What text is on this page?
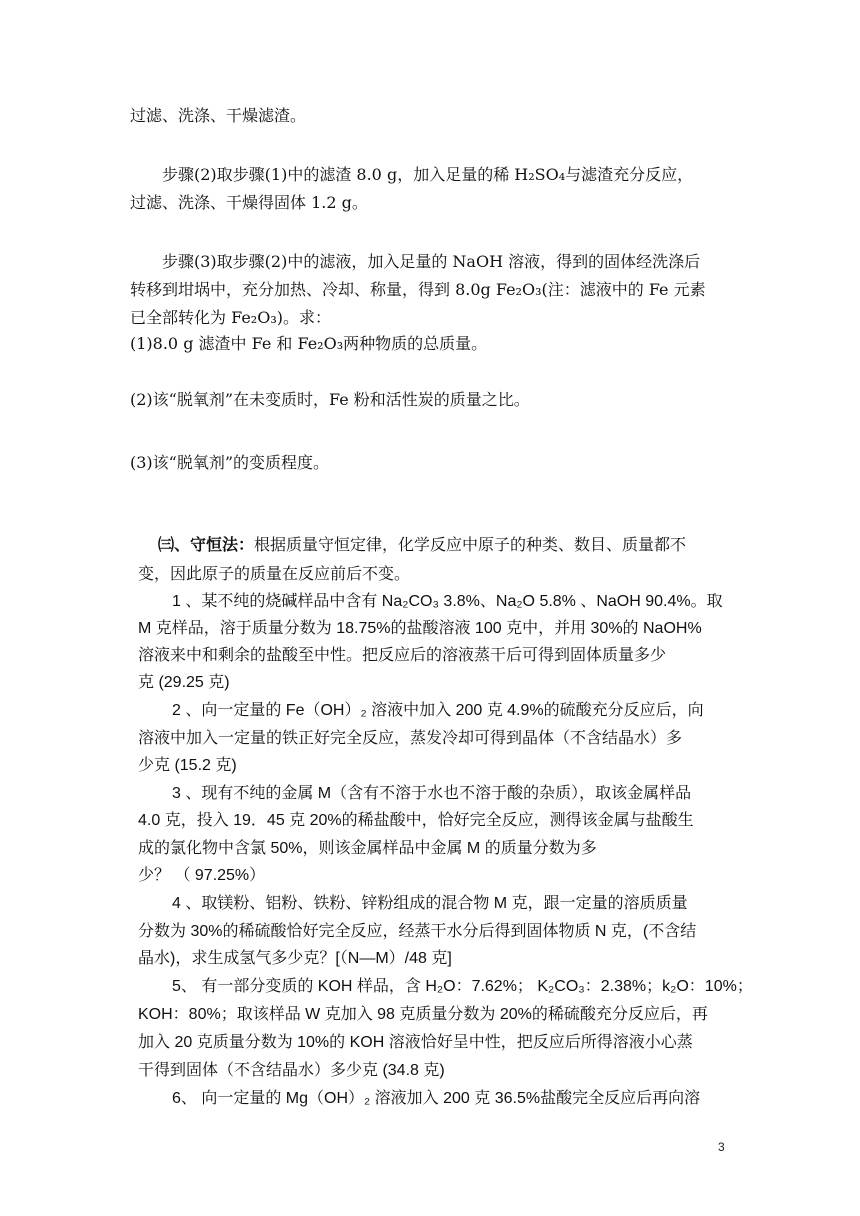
过滤、洗涤、干燥滤渣。
步骤(2)取步骤(1)中的滤渣 8.0 g，加入足量的稀 H₂SO₄与滤渣充分反应，
过滤、洗涤、干燥得固体 1.2 g。
步骤(3)取步骤(2)中的滤液，加入足量的 NaOH 溶液，得到的固体经洗涤后
转移到坩埚中，充分加热、冷却、称量，得到 8.0g Fe₂O₃(注：滤液中的 Fe 元素
已全部转化为 Fe₂O₃)。求：
(1)8.0 g 滤渣中 Fe 和 Fe₂O₃两种物质的总质量。
(2)该“脱氧剂”在未变质时，Fe 粉和活性炭的质量之比。
(3)该“脱氧剂”的变质程度。
㈢、守恒法：根据质量守恒定律，化学反应中原子的种类、数目、质量都不
变，因此原子的质量在反应前后不变。
1 、某不纯的烧碱样品中含有 Na₂CO₃ 3.8%、Na₂O 5.8% 、NaOH 90.4%。取
M 克样品，溶于质量分数为 18.75%的盐酸溶液 100 克中，并用 30%的 NaOH%
溶液来中和剩余的盐酸至中性。把反应后的溶液蒸干后可得到固体质量多少
克 (29.25 克)
2 、向一定量的 Fe（OH）₂ 溶液中加入 200 克 4.9%的硫酸充分反应后，向
溶液中加入一定量的铁正好完全反应，蒸发冷却可得到晶体（不含结晶水）多
少克 (15.2 克)
3 、现有不纯的金属 M（含有不溶于水也不溶于酸的杂质），取该金属样品
4.0 克，投入 19．45 克 20%的稀盐酸中，恰好完全反应，测得该金属与盐酸生
成的氯化物中含氯 50%，则该金属样品中金属 M 的质量分数为多
少？ （ 97.25%）
4 、取镁粉、铝粉、铁粉、锌粉组成的混合物 M 克，跟一定量的溶质质量
分数为 30%的稀硫酸恰好完全反应，经蒸干水分后得到固体物质 N 克，(不含结
晶水)，求生成氢气多少克？[（N—M）/48 克]
5、 有一部分变质的 KOH 样品，含 H₂O：7.62%； K₂CO₃：2.38%；k₂O：10%；
KOH：80%；取该样品 W 克加入 98 克质量分数为 20%的稀硫酸充分反应后，再
加入 20 克质量分数为 10%的 KOH 溶液恰好呈中性，把反应后所得溶液小心蒸
干得到固体（不含结晶水）多少克 (34.8 克)
6、 向一定量的 Mg（OH）₂ 溶液加入 200 克 36.5%盐酸完全反应后再向溶
3
